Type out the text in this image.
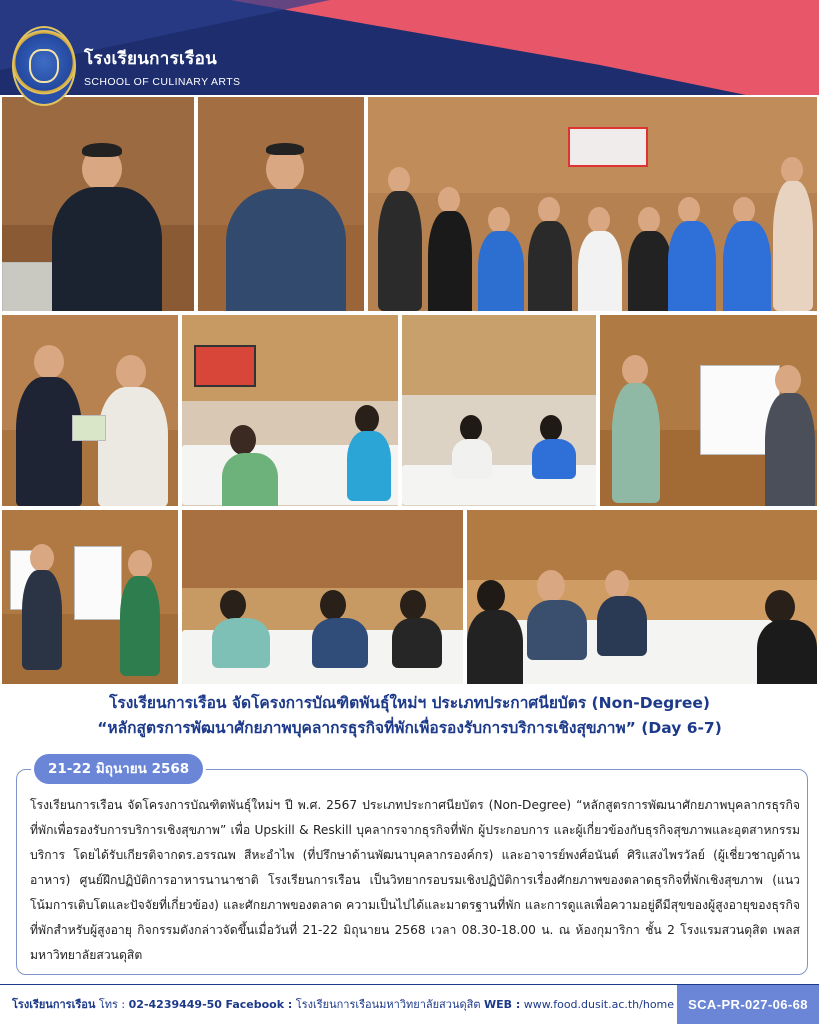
โรงเรียนการเรือน
SCHOOL OF CULINARY ARTS
โรงเรียนการเรือน จัดโครงการบัณฑิตพันธุ์ใหม่ฯ ประเภทประกาศนียบัตร (Non-Degree)
“หลักสูตรการพัฒนาศักยภาพบุคลากรธุรกิจที่พักเพื่อรองรับการบริการเชิงสุขภาพ” (Day 6-7)
21-22 มิถุนายน 2568
โรงเรียนการเรือน จัดโครงการบัณฑิตพันธุ์ใหม่ฯ ปี พ.ศ. 2567 ประเภทประกาศนียบัตร (Non-Degree) “หลักสูตรการพัฒนาศักยภาพบุคลากรธุรกิจที่พักเพื่อรองรับการบริการเชิงสุขภาพ” เพื่อ Upskill & Reskill บุคลากรจากธุรกิจที่พัก ผู้ประกอบการ และผู้เกี่ยวข้องกับธุรกิจสุขภาพและอุตสาหกรรมบริการ โดยได้รับเกียรติจากดร.อรรณพ สีหะอำไพ (ที่ปรึกษาด้านพัฒนาบุคลากรองค์กร) และอาจารย์พงศ์อนันต์ ศิริแสงไพรวัลย์ (ผู้เชี่ยวชาญด้านอาหาร) ศูนย์ฝึกปฏิบัติการอาหารนานาชาติ โรงเรียนการเรือน เป็นวิทยากรอบรมเชิงปฏิบัติการเรื่องศักยภาพของตลาดธุรกิจที่พักเชิงสุขภาพ (แนวโน้มการเติบโตและปัจจัยที่เกี่ยวข้อง) และศักยภาพของตลาด ความเป็นไปได้และมาตรฐานที่พัก และการดูแลเพื่อความอยู่ดีมีสุขของผู้สูงอายุของธุรกิจที่พักสำหรับผู้สูงอายุ กิจกรรมดังกล่าวจัดขึ้นเมื่อวันที่ 21-22 มิถุนายน 2568 เวลา 08.30-18.00 น. ณ ห้องกุมาริกา ชั้น 2 โรงแรมสวนดุสิต เพลส มหาวิทยาลัยสวนดุสิต
โรงเรียนการเรือน โทร : 02-4239449-50 Facebook : โรงเรียนการเรือนมหาวิทยาลัยสวนดุสิต WEB : www.food.dusit.ac.th/home	SCA-PR-027-06-68
